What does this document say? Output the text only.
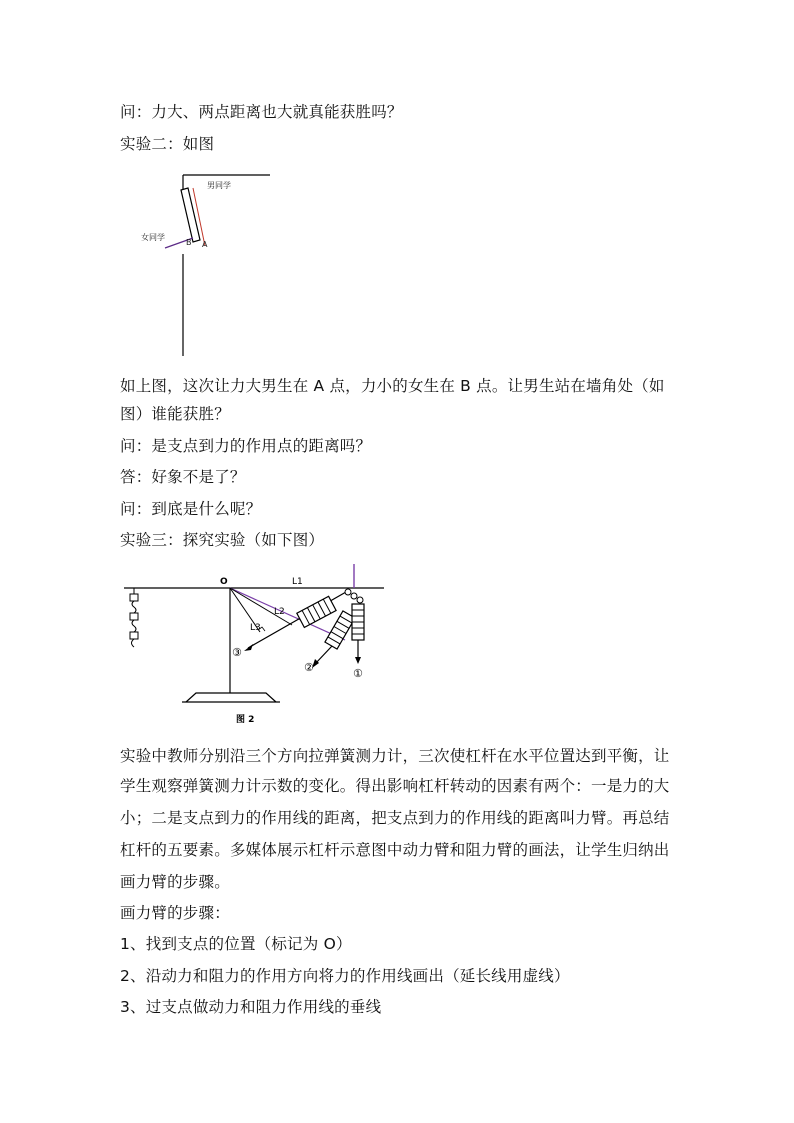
问：力大、两点距离也大就真能获胜吗？
实验二：如图
男同学
女同学
B A
如上图，这次让力大男生在 A 点，力小的女生在 B 点。让男生站在墙角处（如
图）谁能获胜？
问：是支点到力的作用点的距离吗？
答：好象不是了？
问：到底是什么呢？
实验三：探究实验（如下图）
O	L1
L2
L3
③
②	①
图 2
实验中教师分别沿三个方向拉弹簧测力计，三次使杠杆在水平位置达到平衡，让
学生观察弹簧测力计示数的变化。得出影响杠杆转动的因素有两个：一是力的大
小；二是支点到力的作用线的距离，把支点到力的作用线的距离叫力臂。再总结
杠杆的五要素。多媒体展示杠杆示意图中动力臂和阻力臂的画法，让学生归纳出
画力臂的步骤。
画力臂的步骤：
1、找到支点的位置（标记为 O）
2、沿动力和阻力的作用方向将力的作用线画出（延长线用虚线）
3、过支点做动力和阻力作用线的垂线
